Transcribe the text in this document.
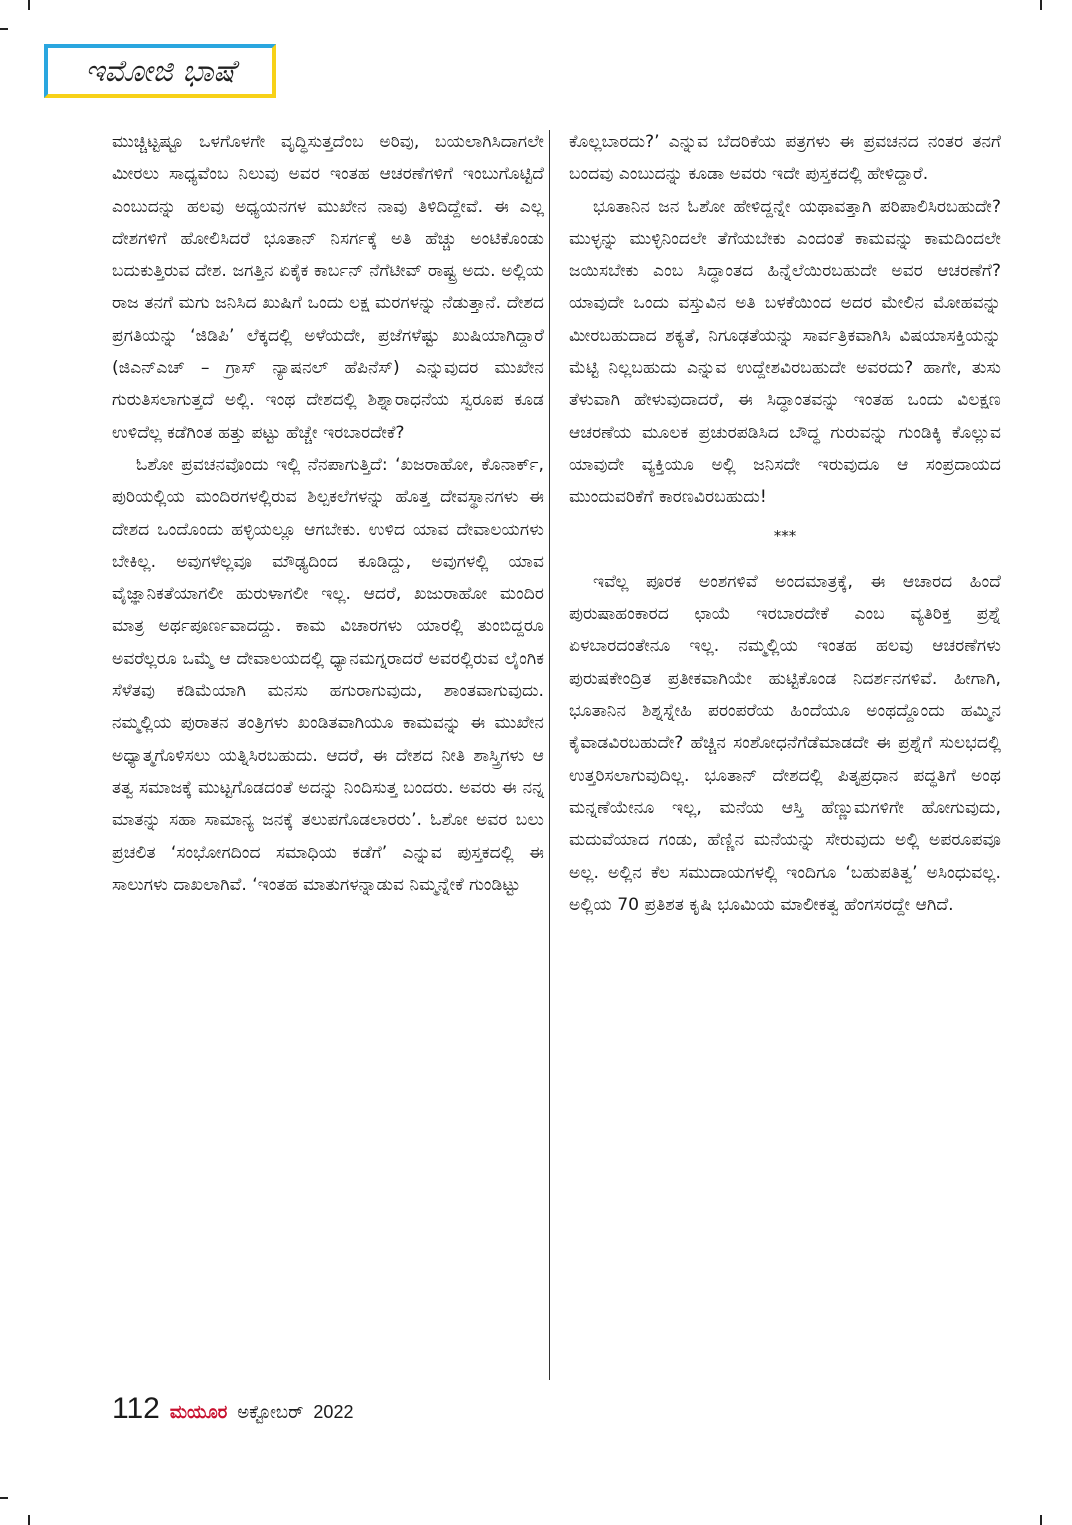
ಇಮೋಜಿ ಭಾಷೆ

ಮುಚ್ಚಿಟ್ಟಷ್ಟೂ ಒಳಗೊಳಗೇ ವೃದ್ಧಿಸುತ್ತದೆಂಬ ಅರಿವು, ಬಯಲಾಗಿಸಿದಾಗಲೇ ಮೀರಲು ಸಾಧ್ಯವೆಂಬ ನಿಲುವು ಅವರ ಇಂತಹ ಆಚರಣೆಗಳಿಗೆ ಇಂಬುಗೊಟ್ಟಿದೆ ಎಂಬುದನ್ನು ಹಲವು ಅಧ್ಯಯನಗಳ ಮುಖೇನ ನಾವು ತಿಳಿದಿದ್ದೇವೆ. ಈ ಎಲ್ಲ ದೇಶಗಳಿಗೆ ಹೋಲಿಸಿದರೆ ಭೂತಾನ್ ನಿಸರ್ಗಕ್ಕೆ ಅತಿ ಹೆಚ್ಚು ಅಂಟಿಕೊಂಡು ಬದುಕುತ್ತಿರುವ ದೇಶ. ಜಗತ್ತಿನ ಏಕೈಕ ಕಾರ್ಬನ್ ನೆಗೆಟೀವ್ ರಾಷ್ಟ್ರ ಅದು. ಅಲ್ಲಿಯ ರಾಜ ತನಗೆ ಮಗು ಜನಿಸಿದ ಖುಷಿಗೆ ಒಂದು ಲಕ್ಷ ಮರಗಳನ್ನು ನೆಡುತ್ತಾನೆ. ದೇಶದ ಪ್ರಗತಿಯನ್ನು ‘ಜಿಡಿಪಿ’ ಲೆಕ್ಕದಲ್ಲಿ ಅಳೆಯದೇ, ಪ್ರಜೆಗಳೆಷ್ಟು ಖುಷಿಯಾಗಿದ್ದಾರೆ (ಜಿಎನ್‌ಎಚ್ – ಗ್ರಾಸ್ ನ್ಯಾಷನಲ್ ಹೆಪಿನೆಸ್) ಎನ್ನುವುದರ ಮುಖೇನ ಗುರುತಿಸಲಾಗುತ್ತದೆ ಅಲ್ಲಿ. ಇಂಥ ದೇಶದಲ್ಲಿ ಶಿಶ್ನಾರಾಧನೆಯ ಸ್ವರೂಪ ಕೂಡ ಉಳಿದೆಲ್ಲ ಕಡೆಗಿಂತ ಹತ್ತು ಪಟ್ಟು ಹೆಚ್ಚೇ ಇರಬಾರದೇಕೆ?

ಓಶೋ ಪ್ರವಚನವೊಂದು ಇಲ್ಲಿ ನೆನಪಾಗುತ್ತಿದೆ: ‘ಖಜರಾಹೋ, ಕೊನಾರ್ಕ್, ಪುರಿಯಲ್ಲಿಯ ಮಂದಿರಗಳಲ್ಲಿರುವ ಶಿಲ್ಪಕಲೆಗಳನ್ನು ಹೊತ್ತ ದೇವಸ್ಥಾನಗಳು ಈ ದೇಶದ ಒಂದೊಂದು ಹಳ್ಳಿಯಲ್ಲೂ ಆಗಬೇಕು. ಉಳಿದ ಯಾವ ದೇವಾಲಯಗಳು ಬೇಕಿಲ್ಲ. ಅವುಗಳೆಲ್ಲವೂ ಮೌಢ್ಯದಿಂದ ಕೂಡಿದ್ದು, ಅವುಗಳಲ್ಲಿ ಯಾವ ವೈಜ್ಞಾನಿಕತೆಯಾಗಲೀ ಹುರುಳಾಗಲೀ ಇಲ್ಲ. ಆದರೆ, ಖಜುರಾಹೋ ಮಂದಿರ ಮಾತ್ರ ಅರ್ಥಪೂರ್ಣವಾದದ್ದು. ಕಾಮ ವಿಚಾರಗಳು ಯಾರಲ್ಲಿ ತುಂಬಿದ್ದರೂ ಅವರೆಲ್ಲರೂ ಒಮ್ಮೆ ಆ ದೇವಾಲಯದಲ್ಲಿ ಧ್ಯಾನಮಗ್ನರಾದರೆ ಅವರಲ್ಲಿರುವ ಲೈಂಗಿಕ ಸೆಳೆತವು ಕಡಿಮೆಯಾಗಿ ಮನಸು ಹಗುರಾಗುವುದು, ಶಾಂತವಾಗುವುದು. ನಮ್ಮಲ್ಲಿಯ ಪುರಾತನ ತಂತ್ರಿಗಳು ಖಂಡಿತವಾಗಿಯೂ ಕಾಮವನ್ನು ಈ ಮುಖೇನ ಅಧ್ಯಾತ್ಮಗೊಳಿಸಲು ಯತ್ನಿಸಿರಬಹುದು. ಆದರೆ, ಈ ದೇಶದ ನೀತಿ ಶಾಸ್ತ್ರಿಗಳು ಆ ತತ್ವ ಸಮಾಜಕ್ಕೆ ಮುಟ್ಟಗೊಡದಂತೆ ಅದನ್ನು ನಿಂದಿಸುತ್ತ ಬಂದರು. ಅವರು ಈ ನನ್ನ ಮಾತನ್ನು ಸಹಾ ಸಾಮಾನ್ಯ ಜನಕ್ಕೆ ತಲುಪಗೊಡಲಾರರು’. ಓಶೋ ಅವರ ಬಲು ಪ್ರಚಲಿತ ‘ಸಂಭೋಗದಿಂದ ಸಮಾಧಿಯ ಕಡೆಗೆ’ ಎನ್ನುವ ಪುಸ್ತಕದಲ್ಲಿ ಈ ಸಾಲುಗಳು ದಾಖಲಾಗಿವೆ. ‘ಇಂತಹ ಮಾತುಗಳನ್ನಾಡುವ ನಿಮ್ಮನ್ನೇಕೆ ಗುಂಡಿಟ್ಟು

ಕೊಲ್ಲಬಾರದು?’ ಎನ್ನುವ ಬೆದರಿಕೆಯ ಪತ್ರಗಳು ಈ ಪ್ರವಚನದ ನಂತರ ತನಗೆ ಬಂದವು ಎಂಬುದನ್ನು ಕೂಡಾ ಅವರು ಇದೇ ಪುಸ್ತಕದಲ್ಲಿ ಹೇಳಿದ್ದಾರೆ.

ಭೂತಾನಿನ ಜನ ಓಶೋ ಹೇಳಿದ್ದನ್ನೇ ಯಥಾವತ್ತಾಗಿ ಪರಿಪಾಲಿಸಿರಬಹುದೇ? ಮುಳ್ಳನ್ನು ಮುಳ್ಳಿನಿಂದಲೇ ತೆಗೆಯಬೇಕು ಎಂದಂತೆ ಕಾಮವನ್ನು ಕಾಮದಿಂದಲೇ ಜಯಿಸಬೇಕು ಎಂಬ ಸಿದ್ಧಾಂತದ ಹಿನ್ನೆಲೆಯಿರಬಹುದೇ ಅವರ ಆಚರಣೆಗೆ? ಯಾವುದೇ ಒಂದು ವಸ್ತುವಿನ ಅತಿ ಬಳಕೆಯಿಂದ ಅದರ ಮೇಲಿನ ಮೋಹವನ್ನು ಮೀರಬಹುದಾದ ಶಕ್ಯತೆ, ನಿಗೂಢತೆಯನ್ನು ಸಾರ್ವತ್ರಿಕವಾಗಿಸಿ ವಿಷಯಾಸಕ್ತಿಯನ್ನು ಮೆಟ್ಟಿ ನಿಲ್ಲಬಹುದು ಎನ್ನುವ ಉದ್ದೇಶವಿರಬಹುದೇ ಅವರದು? ಹಾಗೇ, ತುಸು ತೆಳುವಾಗಿ ಹೇಳುವುದಾದರೆ, ಈ ಸಿದ್ಧಾಂತವನ್ನು ಇಂತಹ ಒಂದು ವಿಲಕ್ಷಣ ಆಚರಣೆಯ ಮೂಲಕ ಪ್ರಚುರಪಡಿಸಿದ ಬೌದ್ಧ ಗುರುವನ್ನು ಗುಂಡಿಕ್ಕಿ ಕೊಲ್ಲುವ ಯಾವುದೇ ವ್ಯಕ್ತಿಯೂ ಅಲ್ಲಿ ಜನಿಸದೇ ಇರುವುದೂ ಆ ಸಂಪ್ರದಾಯದ ಮುಂದುವರಿಕೆಗೆ ಕಾರಣವಿರಬಹುದು!

***

ಇವೆಲ್ಲ ಪೂರಕ ಅಂಶಗಳಿವೆ ಅಂದಮಾತ್ರಕ್ಕೆ, ಈ ಆಚಾರದ ಹಿಂದೆ ಪುರುಷಾಹಂಕಾರದ ಛಾಯೆ ಇರಬಾರದೇಕೆ ಎಂಬ ವ್ಯತಿರಿಕ್ತ ಪ್ರಶ್ನೆ ಏಳಬಾರದಂತೇನೂ ಇಲ್ಲ. ನಮ್ಮಲ್ಲಿಯ ಇಂತಹ ಹಲವು ಆಚರಣೆಗಳು ಪುರುಷಕೇಂದ್ರಿತ ಪ್ರತೀಕವಾಗಿಯೇ ಹುಟ್ಟಿಕೊಂಡ ನಿದರ್ಶನಗಳಿವೆ. ಹೀಗಾಗಿ, ಭೂತಾನಿನ ಶಿಶ್ನಸ್ನೇಹಿ ಪರಂಪರೆಯ ಹಿಂದೆಯೂ ಅಂಥದ್ದೊಂದು ಹಮ್ಮಿನ ಕೈವಾಡವಿರಬಹುದೇ? ಹೆಚ್ಚಿನ ಸಂಶೋಧನೆಗೆಡೆಮಾಡದೇ ಈ ಪ್ರಶ್ನೆಗೆ ಸುಲಭದಲ್ಲಿ ಉತ್ತರಿಸಲಾಗುವುದಿಲ್ಲ. ಭೂತಾನ್ ದೇಶದಲ್ಲಿ ಪಿತೃಪ್ರಧಾನ ಪದ್ಧತಿಗೆ ಅಂಥ ಮನ್ನಣೆಯೇನೂ ಇಲ್ಲ, ಮನೆಯ ಆಸ್ತಿ ಹೆಣ್ಣುಮಗಳಿಗೇ ಹೋಗುವುದು, ಮದುವೆಯಾದ ಗಂಡು, ಹೆಣ್ಣಿನ ಮನೆಯನ್ನು ಸೇರುವುದು ಅಲ್ಲಿ ಅಪರೂಪವೂ ಅಲ್ಲ. ಅಲ್ಲಿನ ಕೆಲ ಸಮುದಾಯಗಳಲ್ಲಿ ಇಂದಿಗೂ ‘ಬಹುಪತಿತ್ವ’ ಅಸಿಂಧುವಲ್ಲ. ಅಲ್ಲಿಯ 70 ಪ್ರತಿಶತ ಕೃಷಿ ಭೂಮಿಯ ಮಾಲೀಕತ್ವ ಹೆಂಗಸರದ್ದೇ ಆಗಿದೆ.

112 ಮಯೂರ ಅಕ್ಟೋಬರ್ 2022
